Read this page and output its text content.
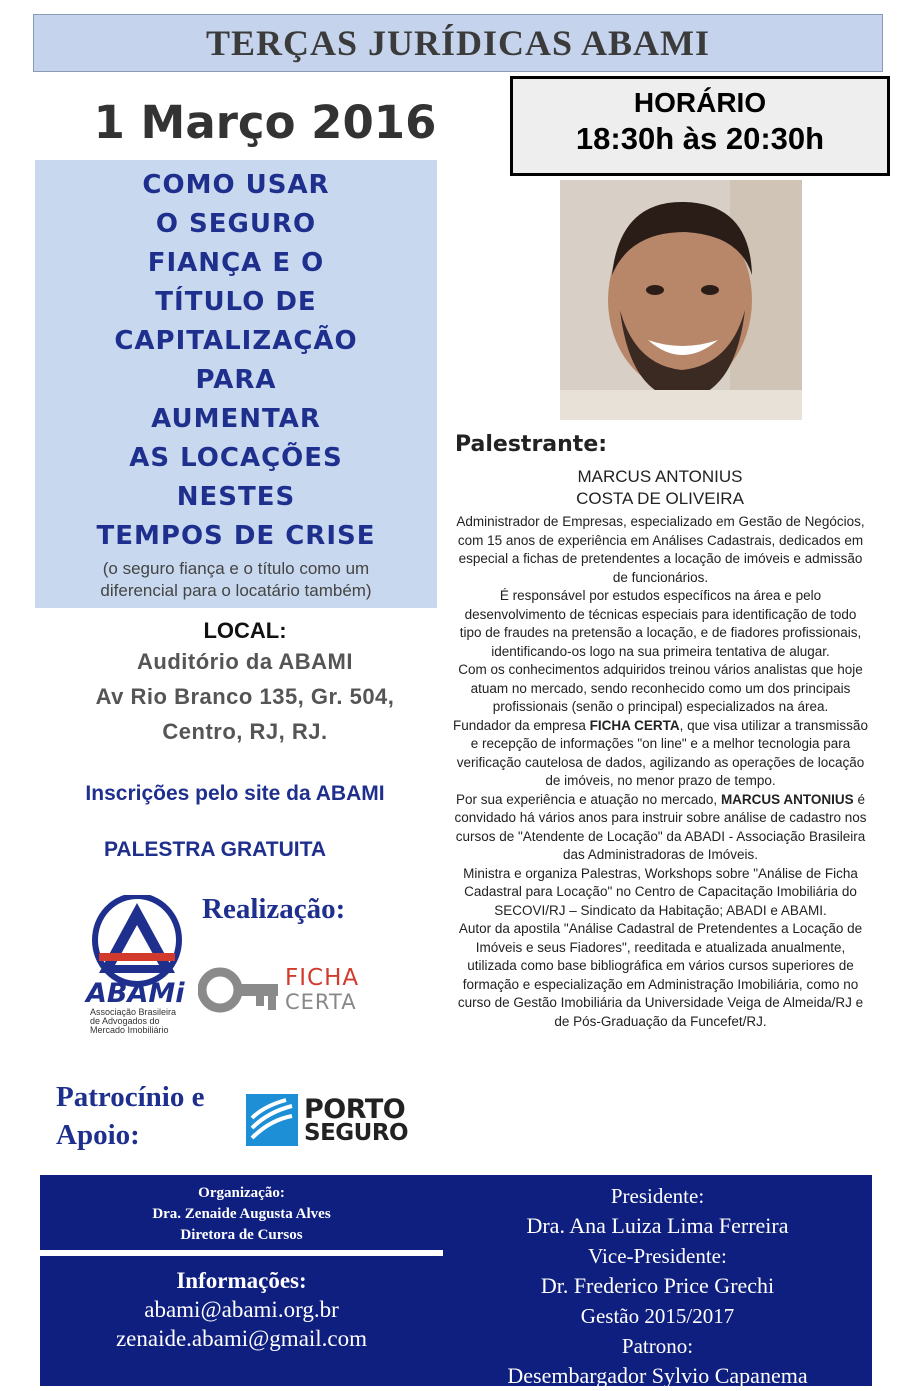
TERÇAS JURÍDICAS ABAMI
1 Março 2016	HORÁRIO
18:30h às 20:30h
COMO USAR
O SEGURO
FIANÇA E O
TÍTULO DE
CAPITALIZAÇÃO
PARA
AUMENTAR
AS LOCAÇÕES
NESTES
TEMPOS DE CRISE
(o seguro fiança e o título como um
diferencial para o locatário também)
LOCAL:
Auditório da ABAMI
Av Rio Branco 135, Gr. 504,
Centro, RJ, RJ.
Inscrições pelo site da ABAMI
PALESTRA GRATUITA
Realização:
ABAMi
Associação Brasileira
de Advogados do
Mercado Imobiliário
FICHA
CERTA
Patrocínio e
Apoio:
PORTO
SEGURO
Palestrante:
MARCUS ANTONIUS
COSTA DE OLIVEIRA

Administrador de Empresas, especializado em Gestão de Negócios, com 15 anos de experiência em Análises Cadastrais, dedicados em especial a fichas de pretendentes a locação de imóveis e admissão de funcionários.

É responsável por estudos específicos na área e pelo desenvolvimento de técnicas especiais para identificação de todo tipo de fraudes na pretensão a locação, e de fiadores profissionais, identificando-os logo na sua primeira tentativa de alugar.

Com os conhecimentos adquiridos treinou vários analistas que hoje atuam no mercado, sendo reconhecido como um dos principais profissionais (senão o principal) especializados na área.

Fundador da empresa FICHA CERTA, que visa utilizar a transmissão e recepção de informações "on line" e a melhor tecnologia para verificação cautelosa de dados, agilizando as operações de locação de imóveis, no menor prazo de tempo.

Por sua experiência e atuação no mercado, MARCUS ANTONIUS é convidado há vários anos para instruir sobre análise de cadastro nos cursos de "Atendente de Locação" da ABADI - Associação Brasileira das Administradoras de Imóveis.

Ministra e organiza Palestras, Workshops sobre "Análise de Ficha Cadastral para Locação" no Centro de Capacitação Imobiliária do SECOVI/RJ – Sindicato da Habitação; ABADI e ABAMI.

Autor da apostila "Análise Cadastral de Pretendentes a Locação de Imóveis e seus Fiadores", reeditada e atualizada anualmente, utilizada como base bibliográfica em vários cursos superiores de formação e especialização em Administração Imobiliária, como no curso de Gestão Imobiliária da Universidade Veiga de Almeida/RJ e de Pós-Graduação da Funcefet/RJ.

Organização:
Dra. Zenaide Augusta Alves
Diretora de Cursos
Informações:
abami@abami.org.br
zenaide.abami@gmail.com
Presidente:
Dra. Ana Luiza Lima Ferreira
Vice-Presidente:
Dr. Frederico Price Grechi
Gestão 2015/2017
Patrono:
Desembargador Sylvio Capanema
